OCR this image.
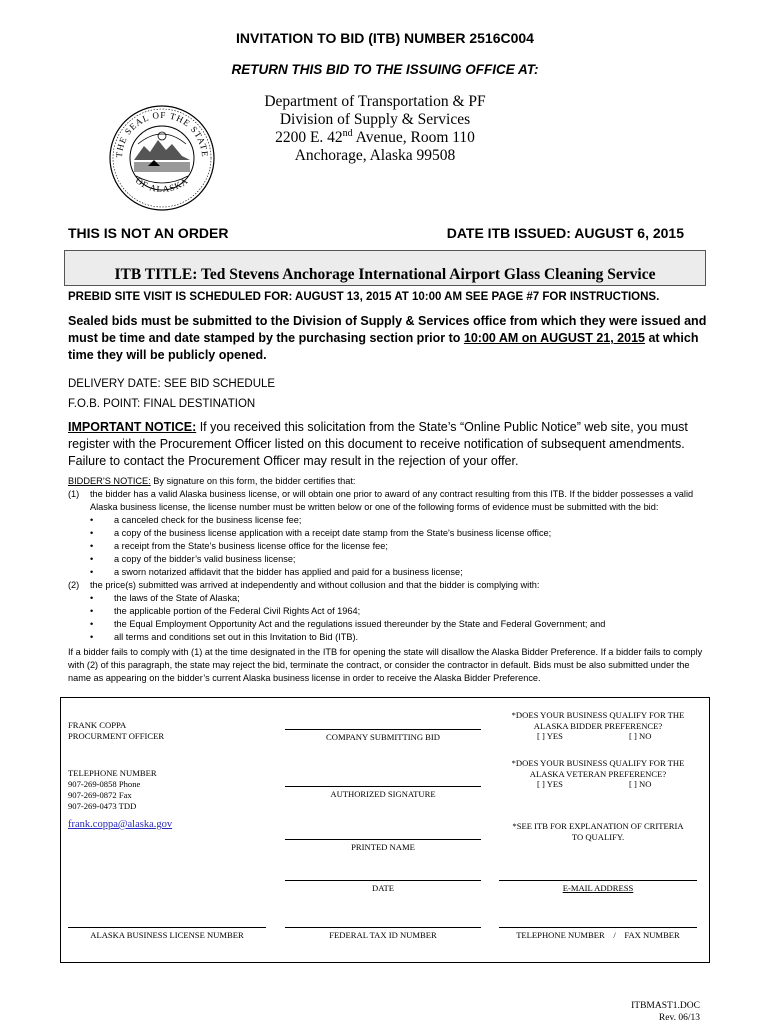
INVITATION TO BID (ITB) NUMBER 2516C004
RETURN THIS BID TO THE ISSUING OFFICE AT:
THE SEAL OF THE STATE
OF ALASKA
Department of Transportation & PF
Division of Supply & Services
2200 E. 42nd Avenue, Room 110
Anchorage, Alaska 99508
THIS IS NOT AN ORDER	DATE ITB ISSUED: AUGUST 6, 2015
ITB TITLE: Ted Stevens Anchorage International Airport Glass Cleaning Service
PREBID SITE VISIT IS SCHEDULED FOR: AUGUST 13, 2015 AT 10:00 AM SEE PAGE #7 FOR INSTRUCTIONS.
Sealed bids must be submitted to the Division of Supply & Services office from which they were issued and must be time and date stamped by the purchasing section prior to 10:00 AM on AUGUST 21, 2015 at which time they will be publicly opened.
DELIVERY DATE: SEE BID SCHEDULE
F.O.B. POINT: FINAL DESTINATION
IMPORTANT NOTICE: If you received this solicitation from the State’s “Online Public Notice” web site, you must register with the Procurement Officer listed on this document to receive notification of subsequent amendments. Failure to contact the Procurement Officer may result in the rejection of your offer.
BIDDER’S NOTICE: By signature on this form, the bidder certifies that:
(1) the bidder has a valid Alaska business license, or will obtain one prior to award of any contract resulting from this ITB. If the bidder possesses a valid
Alaska business license, the license number must be written below or one of the following forms of evidence must be submitted with the bid:
• a canceled check for the business license fee;
• a copy of the business license application with a receipt date stamp from the State's business license office;
• a receipt from the State’s business license office for the license fee;
• a copy of the bidder’s valid business license;
• a sworn notarized affidavit that the bidder has applied and paid for a business license;
(2) the price(s) submitted was arrived at independently and without collusion and that the bidder is complying with:
• the laws of the State of Alaska;
• the applicable portion of the Federal Civil Rights Act of 1964;
• the Equal Employment Opportunity Act and the regulations issued thereunder by the State and Federal Government; and
• all terms and conditions set out in this Invitation to Bid (ITB).
If a bidder fails to comply with (1) at the time designated in the ITB for opening the state will disallow the Alaska Bidder Preference. If a bidder fails to comply with (2) of this paragraph, the state may reject the bid, terminate the contract, or consider the contractor in default. Bids must be also submitted under the name as appearing on the bidder’s current Alaska business license in order to receive the Alaska Bidder Preference.
FRANK COPPA
PROCURMENT OFFICER
TELEPHONE NUMBER
907-269-0858 Phone
907-269-0872 Fax
907-269-0473 TDD
frank.coppa@alaska.gov
COMPANY SUBMITTING BID
AUTHORIZED SIGNATURE
PRINTED NAME
DATE
FEDERAL TAX ID NUMBER
ALASKA BUSINESS LICENSE NUMBER
*DOES YOUR BUSINESS QUALIFY FOR THE
ALASKA BIDDER PREFERENCE?
[ ] YES	[ ] NO
*DOES YOUR BUSINESS QUALIFY FOR THE
ALASKA VETERAN PREFERENCE?
[ ] YES	[ ] NO
*SEE ITB FOR EXPLANATION OF CRITERIA
TO QUALIFY.
E-MAIL ADDRESS
TELEPHONE NUMBER    /    FAX NUMBER
ITBMAST1.DOC
Rev. 06/13
